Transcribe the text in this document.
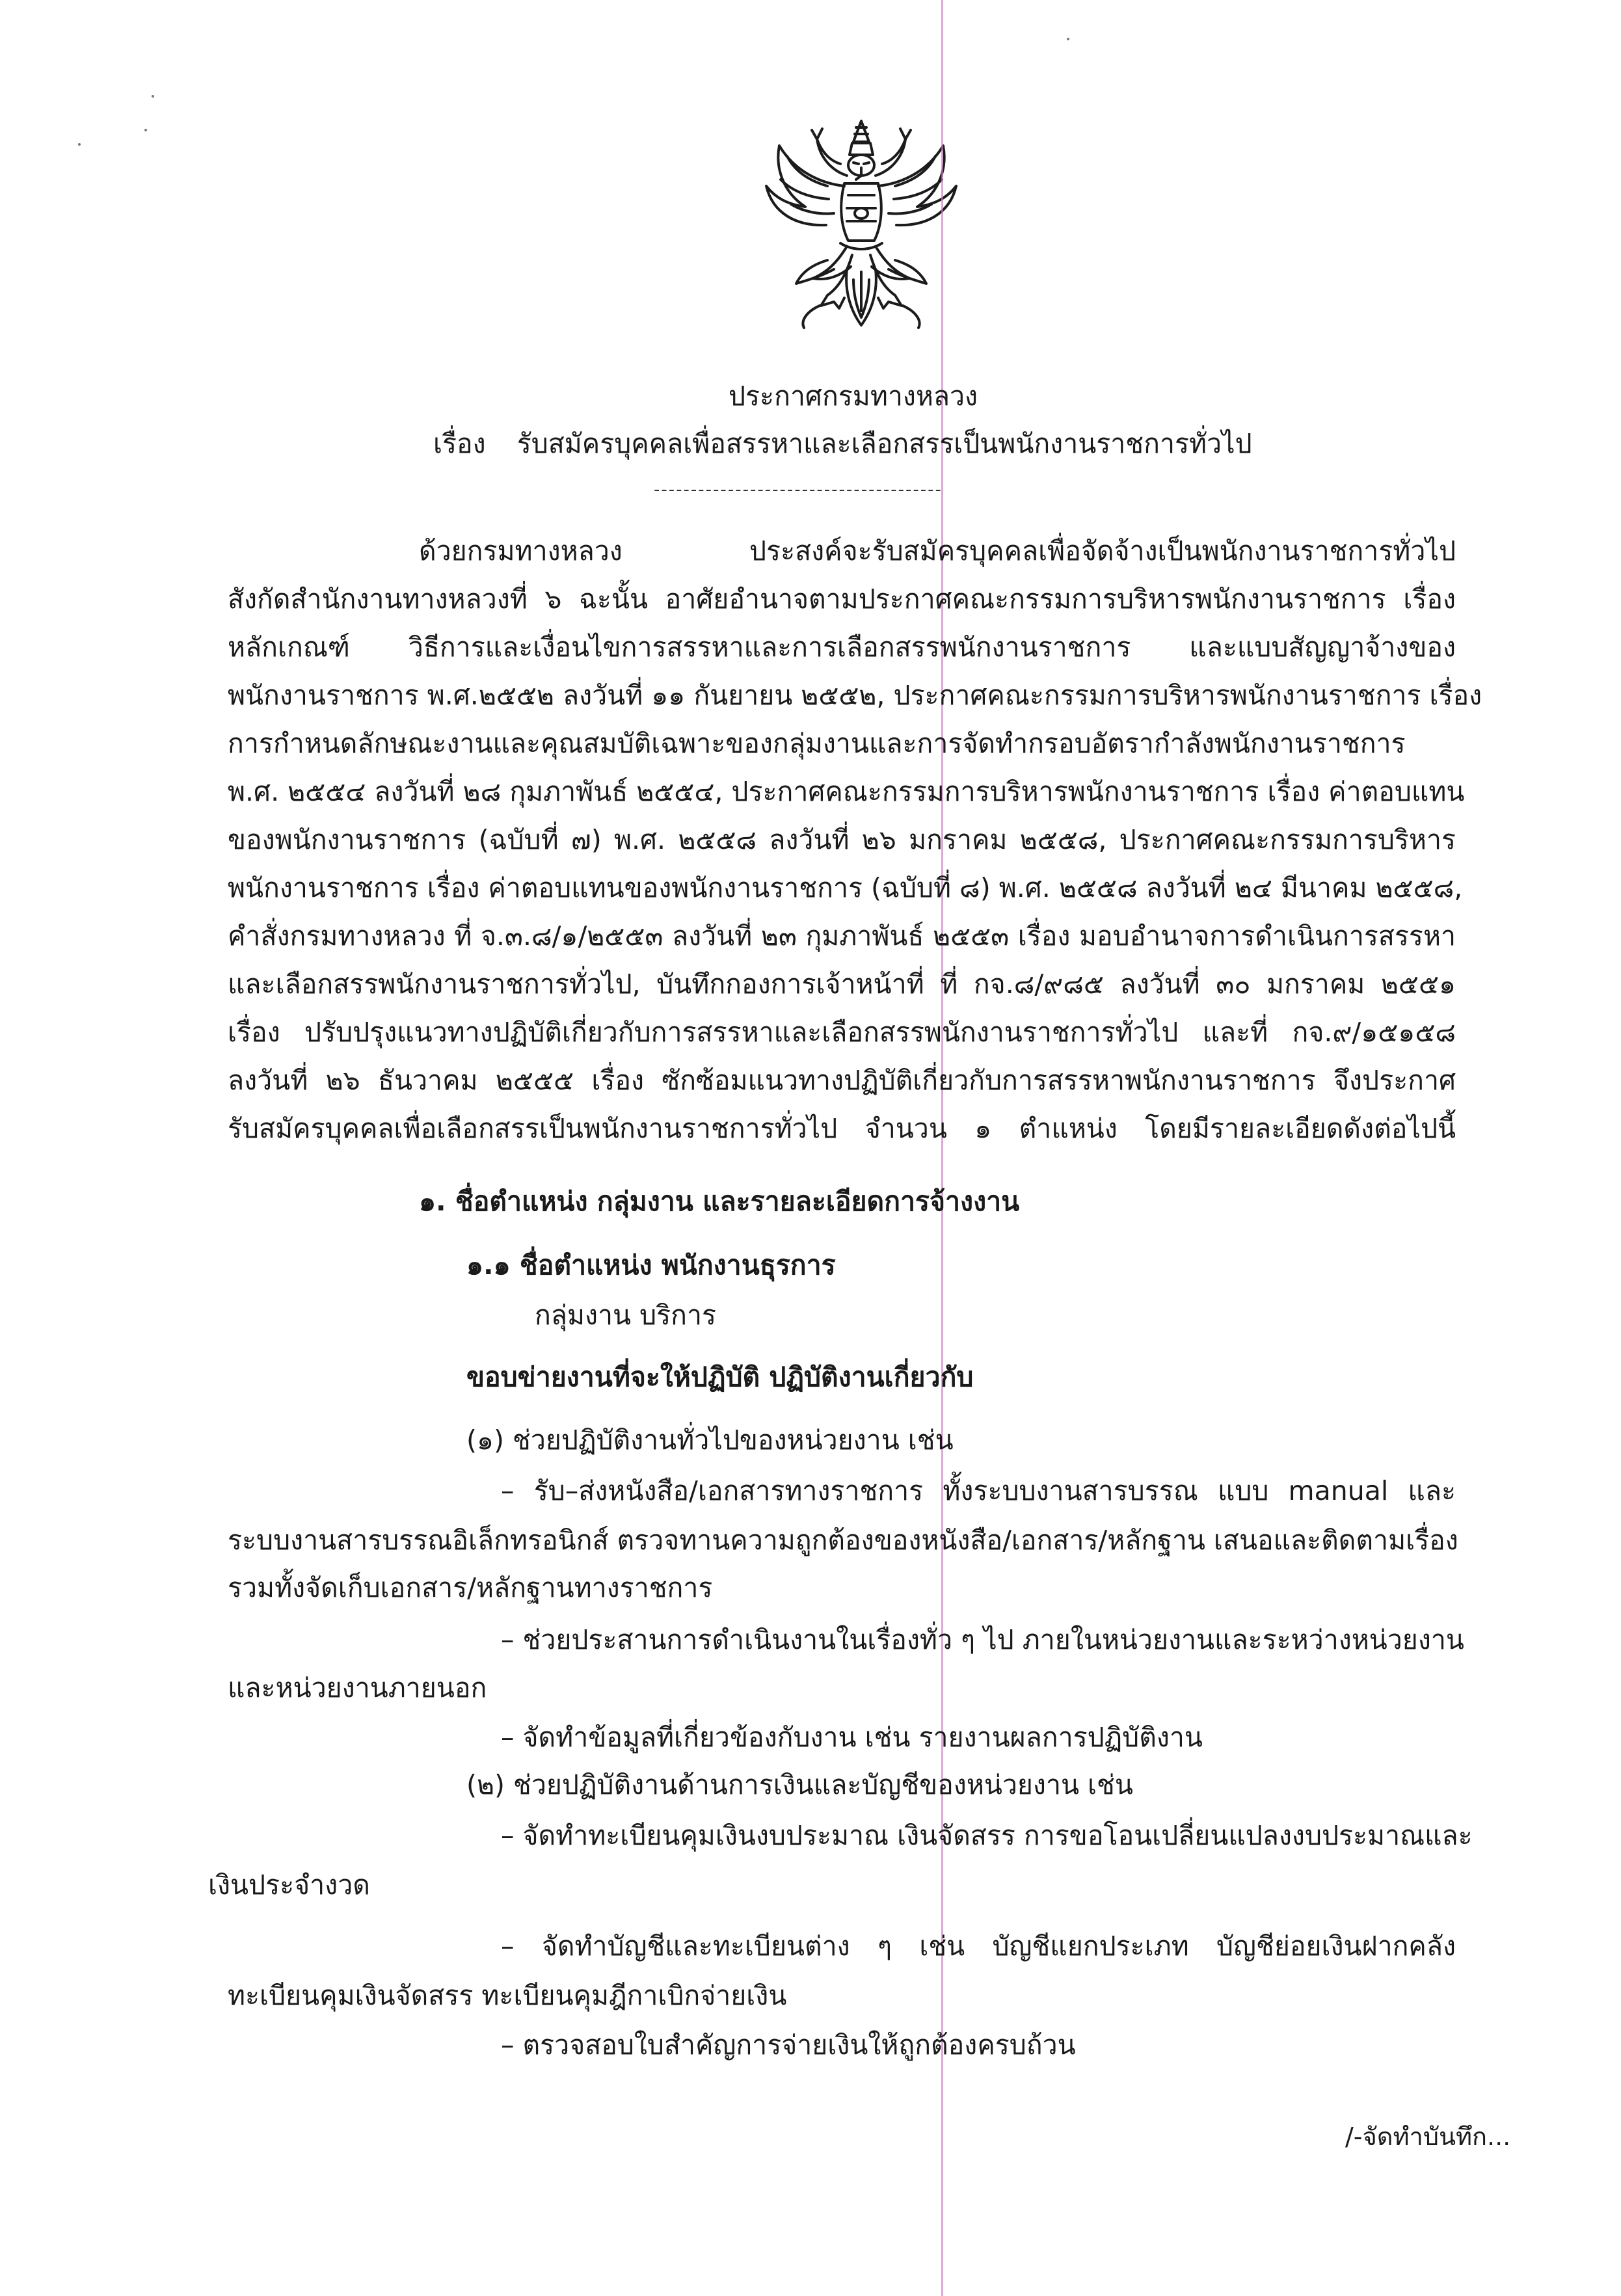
ประกาศกรมทางหลวง
เรื่อง รับสมัครบุคคลเพื่อสรรหาและเลือกสรรเป็นพนักงานราชการทั่วไป
---------------------------------------
ด้วยกรมทางหลวง ประสงค์จะรับสมัครบุคคลเพื่อจัดจ้างเป็นพนักงานราชการทั่วไป
สังกัดสำนักงานทางหลวงที่ ๖ ฉะนั้น อาศัยอำนาจตามประกาศคณะกรรมการบริหารพนักงานราชการ เรื่อง
หลักเกณฑ์ วิธีการและเงื่อนไขการสรรหาและการเลือกสรรพนักงานราชการ และแบบสัญญาจ้างของ
พนักงานราชการ พ.ศ.๒๕๕๒ ลงวันที่ ๑๑ กันยายน ๒๕๕๒, ประกาศคณะกรรมการบริหารพนักงานราชการ เรื่อง
การกำหนดลักษณะงานและคุณสมบัติเฉพาะของกลุ่มงานและการจัดทำกรอบอัตรากำลังพนักงานราชการ
พ.ศ. ๒๕๕๔ ลงวันที่ ๒๘ กุมภาพันธ์ ๒๕๕๔, ประกาศคณะกรรมการบริหารพนักงานราชการ เรื่อง ค่าตอบแทน
ของพนักงานราชการ (ฉบับที่ ๗) พ.ศ. ๒๕๕๘ ลงวันที่ ๒๖ มกราคม ๒๕๕๘, ประกาศคณะกรรมการบริหาร
พนักงานราชการ เรื่อง ค่าตอบแทนของพนักงานราชการ (ฉบับที่ ๘) พ.ศ. ๒๕๕๘ ลงวันที่ ๒๔ มีนาคม ๒๕๕๘,
คำสั่งกรมทางหลวง ที่ จ.๓.๘/๑/๒๕๕๓ ลงวันที่ ๒๓ กุมภาพันธ์ ๒๕๕๓ เรื่อง มอบอำนาจการดำเนินการสรรหา
และเลือกสรรพนักงานราชการทั่วไป, บันทึกกองการเจ้าหน้าที่ ที่ กจ.๘/๙๘๕ ลงวันที่ ๓๐ มกราคม ๒๕๕๑
เรื่อง ปรับปรุงแนวทางปฏิบัติเกี่ยวกับการสรรหาและเลือกสรรพนักงานราชการทั่วไป และที่ กจ.๙/๑๕๑๕๘
ลงวันที่ ๒๖ ธันวาคม ๒๕๕๕ เรื่อง ซักซ้อมแนวทางปฏิบัติเกี่ยวกับการสรรหาพนักงานราชการ จึงประกาศ
รับสมัครบุคคลเพื่อเลือกสรรเป็นพนักงานราชการทั่วไป จำนวน ๑ ตำแหน่ง โดยมีรายละเอียดดังต่อไปนี้
๑. ชื่อตำแหน่ง กลุ่มงาน และรายละเอียดการจ้างงาน
๑.๑ ชื่อตำแหน่ง พนักงานธุรการ
กลุ่มงาน บริการ
ขอบข่ายงานที่จะให้ปฏิบัติ ปฏิบัติงานเกี่ยวกับ
(๑) ช่วยปฏิบัติงานทั่วไปของหน่วยงาน เช่น
– รับ–ส่งหนังสือ/เอกสารทางราชการ ทั้งระบบงานสารบรรณ แบบ manual และ
ระบบงานสารบรรณอิเล็กทรอนิกส์ ตรวจทานความถูกต้องของหนังสือ/เอกสาร/หลักฐาน เสนอและติดตามเรื่อง
รวมทั้งจัดเก็บเอกสาร/หลักฐานทางราชการ
– ช่วยประสานการดำเนินงานในเรื่องทั่ว ๆ ไป ภายในหน่วยงานและระหว่างหน่วยงาน
และหน่วยงานภายนอก
– จัดทำข้อมูลที่เกี่ยวข้องกับงาน เช่น รายงานผลการปฏิบัติงาน
(๒) ช่วยปฏิบัติงานด้านการเงินและบัญชีของหน่วยงาน เช่น
– จัดทำทะเบียนคุมเงินงบประมาณ เงินจัดสรร การขอโอนเปลี่ยนแปลงงบประมาณและ
เงินประจำงวด
– จัดทำบัญชีและทะเบียนต่าง ๆ เช่น บัญชีแยกประเภท บัญชีย่อยเงินฝากคลัง
ทะเบียนคุมเงินจัดสรร ทะเบียนคุมฎีกาเบิกจ่ายเงิน
– ตรวจสอบใบสำคัญการจ่ายเงินให้ถูกต้องครบถ้วน
/-จัดทำบันทึก...
